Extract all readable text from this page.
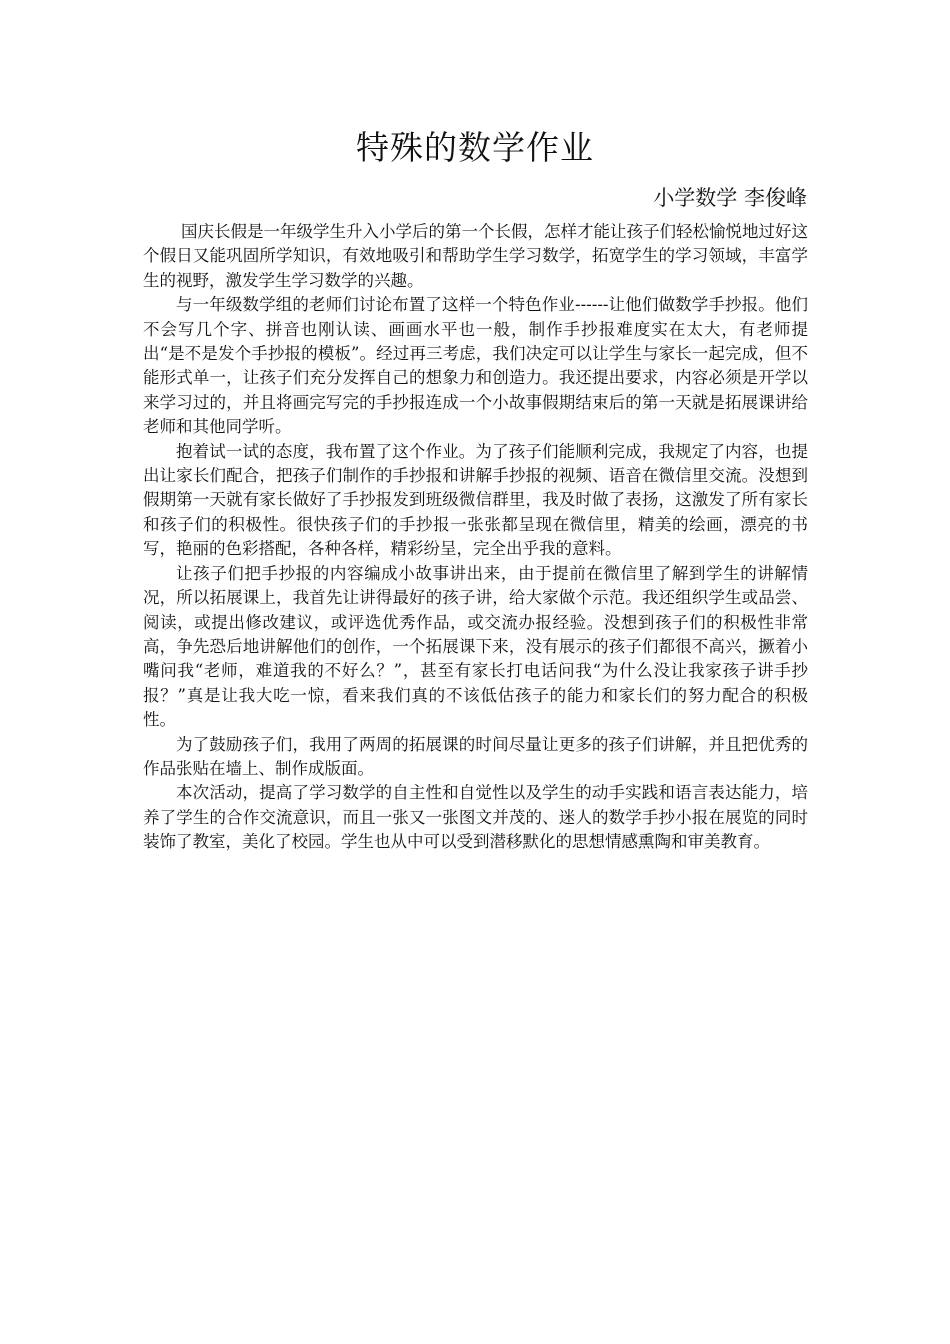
特殊的数学作业

小学数学 李俊峰

国庆长假是一年级学生升入小学后的第一个长假，怎样才能让孩子们轻松愉悦地过好这个假日又能巩固所学知识，有效地吸引和帮助学生学习数学，拓宽学生的学习领域，丰富学生的视野，激发学生学习数学的兴趣。

与一年级数学组的老师们讨论布置了这样一个特色作业------让他们做数学手抄报。他们不会写几个字、拼音也刚认读、画画水平也一般，制作手抄报难度实在太大，有老师提出“是不是发个手抄报的模板”。经过再三考虑，我们决定可以让学生与家长一起完成，但不能形式单一，让孩子们充分发挥自己的想象力和创造力。我还提出要求，内容必须是开学以来学习过的，并且将画完写完的手抄报连成一个小故事假期结束后的第一天就是拓展课讲给老师和其他同学听。

抱着试一试的态度，我布置了这个作业。为了孩子们能顺利完成，我规定了内容，也提出让家长们配合，把孩子们制作的手抄报和讲解手抄报的视频、语音在微信里交流。没想到假期第一天就有家长做好了手抄报发到班级微信群里，我及时做了表扬，这激发了所有家长和孩子们的积极性。很快孩子们的手抄报一张张都呈现在微信里，精美的绘画，漂亮的书写，艳丽的色彩搭配，各种各样，精彩纷呈，完全出乎我的意料。

让孩子们把手抄报的内容编成小故事讲出来，由于提前在微信里了解到学生的讲解情况，所以拓展课上，我首先让讲得最好的孩子讲，给大家做个示范。我还组织学生或品尝、阅读，或提出修改建议，或评选优秀作品，或交流办报经验。没想到孩子们的积极性非常高，争先恐后地讲解他们的创作，一个拓展课下来，没有展示的孩子们都很不高兴，撅着小嘴问我“老师，难道我的不好么？”，甚至有家长打电话问我“为什么没让我家孩子讲手抄报？”真是让我大吃一惊，看来我们真的不该低估孩子的能力和家长们的努力配合的积极性。

为了鼓励孩子们，我用了两周的拓展课的时间尽量让更多的孩子们讲解，并且把优秀的作品张贴在墙上、制作成版面。

本次活动，提高了学习数学的自主性和自觉性以及学生的动手实践和语言表达能力，培养了学生的合作交流意识，而且一张又一张图文并茂的、迷人的数学手抄小报在展览的同时装饰了教室，美化了校园。学生也从中可以受到潜移默化的思想情感熏陶和审美教育。
